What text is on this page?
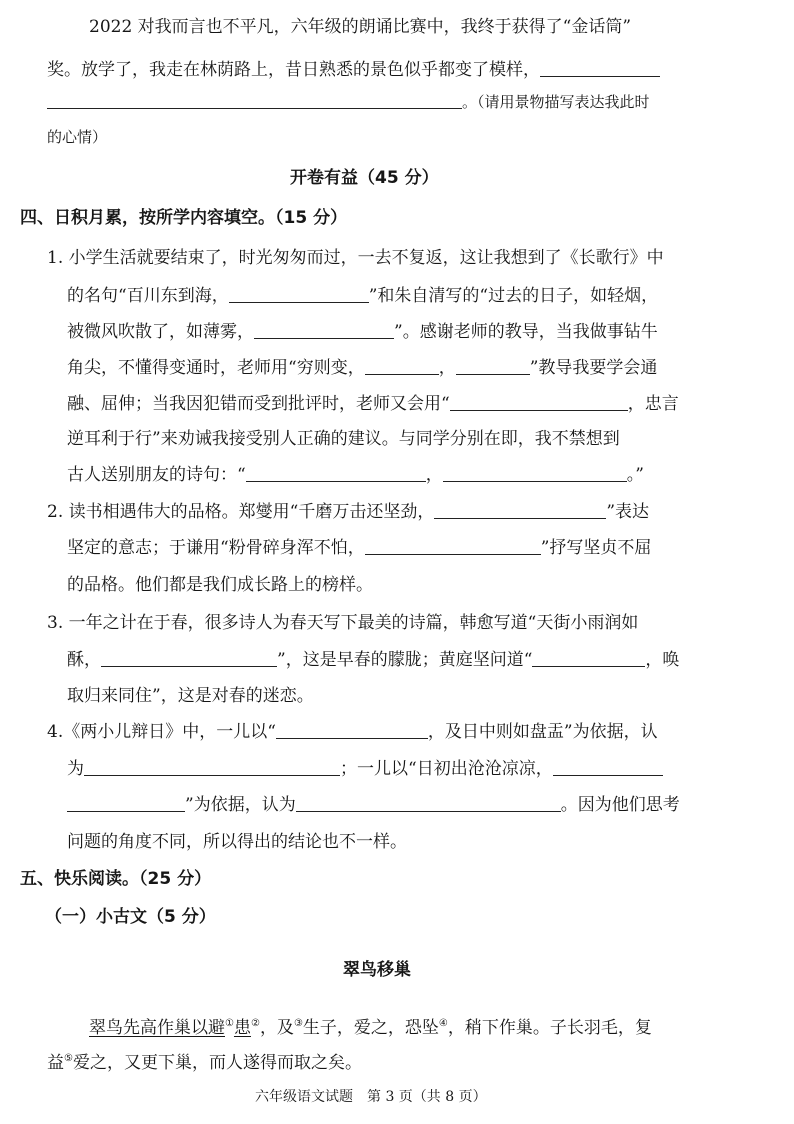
2022 对我而言也不平凡，六年级的朗诵比赛中，我终于获得了“金话筒”
奖。放学了，我走在林荫路上，昔日熟悉的景色似乎都变了模样，
。（请用景物描写表达我此时
的心情）
开卷有益（45 分）
四、日积月累，按所学内容填空。（15 分）
1. 小学生活就要结束了，时光匆匆而过，一去不复返，这让我想到了《长歌行》中
的名句“百川东到海，	”和朱自清写的“过去的日子，如轻烟，
被微风吹散了，如薄雾，	”。感谢老师的教导，当我做事钻牛
角尖，不懂得变通时，老师用“穷则变，	，	”教导我要学会通
融、屈伸；当我因犯错而受到批评时，老师又会用“	，忠言
逆耳利于行”来劝诫我接受别人正确的建议。与同学分别在即，我不禁想到
古人送别朋友的诗句：“	，	。”
2. 读书相遇伟大的品格。郑燮用“千磨万击还坚劲，	”表达
坚定的意志；于谦用“粉骨碎身浑不怕，	”抒写坚贞不屈
的品格。他们都是我们成长路上的榜样。
3. 一年之计在于春，很多诗人为春天写下最美的诗篇，韩愈写道“天街小雨润如
酥，	”，这是早春的朦胧；黄庭坚问道“	，唤
取归来同住”，这是对春的迷恋。
4.《两小儿辩日》中，一儿以“	，及日中则如盘盂”为依据，认
为	；一儿以“日初出沧沧凉凉，
”为依据，认为	。因为他们思考
问题的角度不同，所以得出的结论也不一样。
五、快乐阅读。（25 分）
（一）小古文（5 分）
翠鸟移巢
翠鸟先高作巢以避①患②，及③生子，爱之，恐坠④，稍下作巢。子长羽毛，复
益⑤爱之，又更下巢，而人遂得而取之矣。
六年级语文试题　第 3 页（共 8 页）
